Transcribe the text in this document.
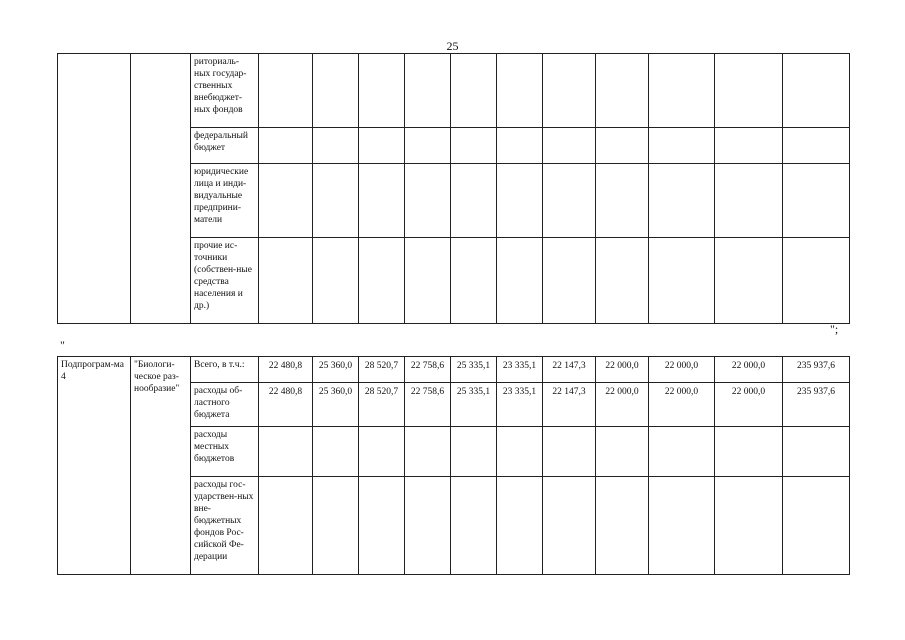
25
		риториаль-ных государ-ственных внебюджет-ных фондов											
		федеральный бюджет											
		юридические лица и инди-видуальные предприни-матели											
		прочие ис-точники (собствен-ные средства населения и др.)											
";
"
Подпрограм-ма 4	"Биологи-ческое раз-нообразие"	Всего, в т.ч.:	22 480,8	25 360,0	28 520,7	22 758,6	25 335,1	23 335,1	22 147,3	22 000,0	22 000,0	22 000,0	235 937,6
		расходы об-ластного бюджета	22 480,8	25 360,0	28 520,7	22 758,6	25 335,1	23 335,1	22 147,3	22 000,0	22 000,0	22 000,0	235 937,6
		расходы местных бюджетов											
		расходы гос-ударствен-ных вне-бюджетных фондов Рос-сийской Фе-дерации											
